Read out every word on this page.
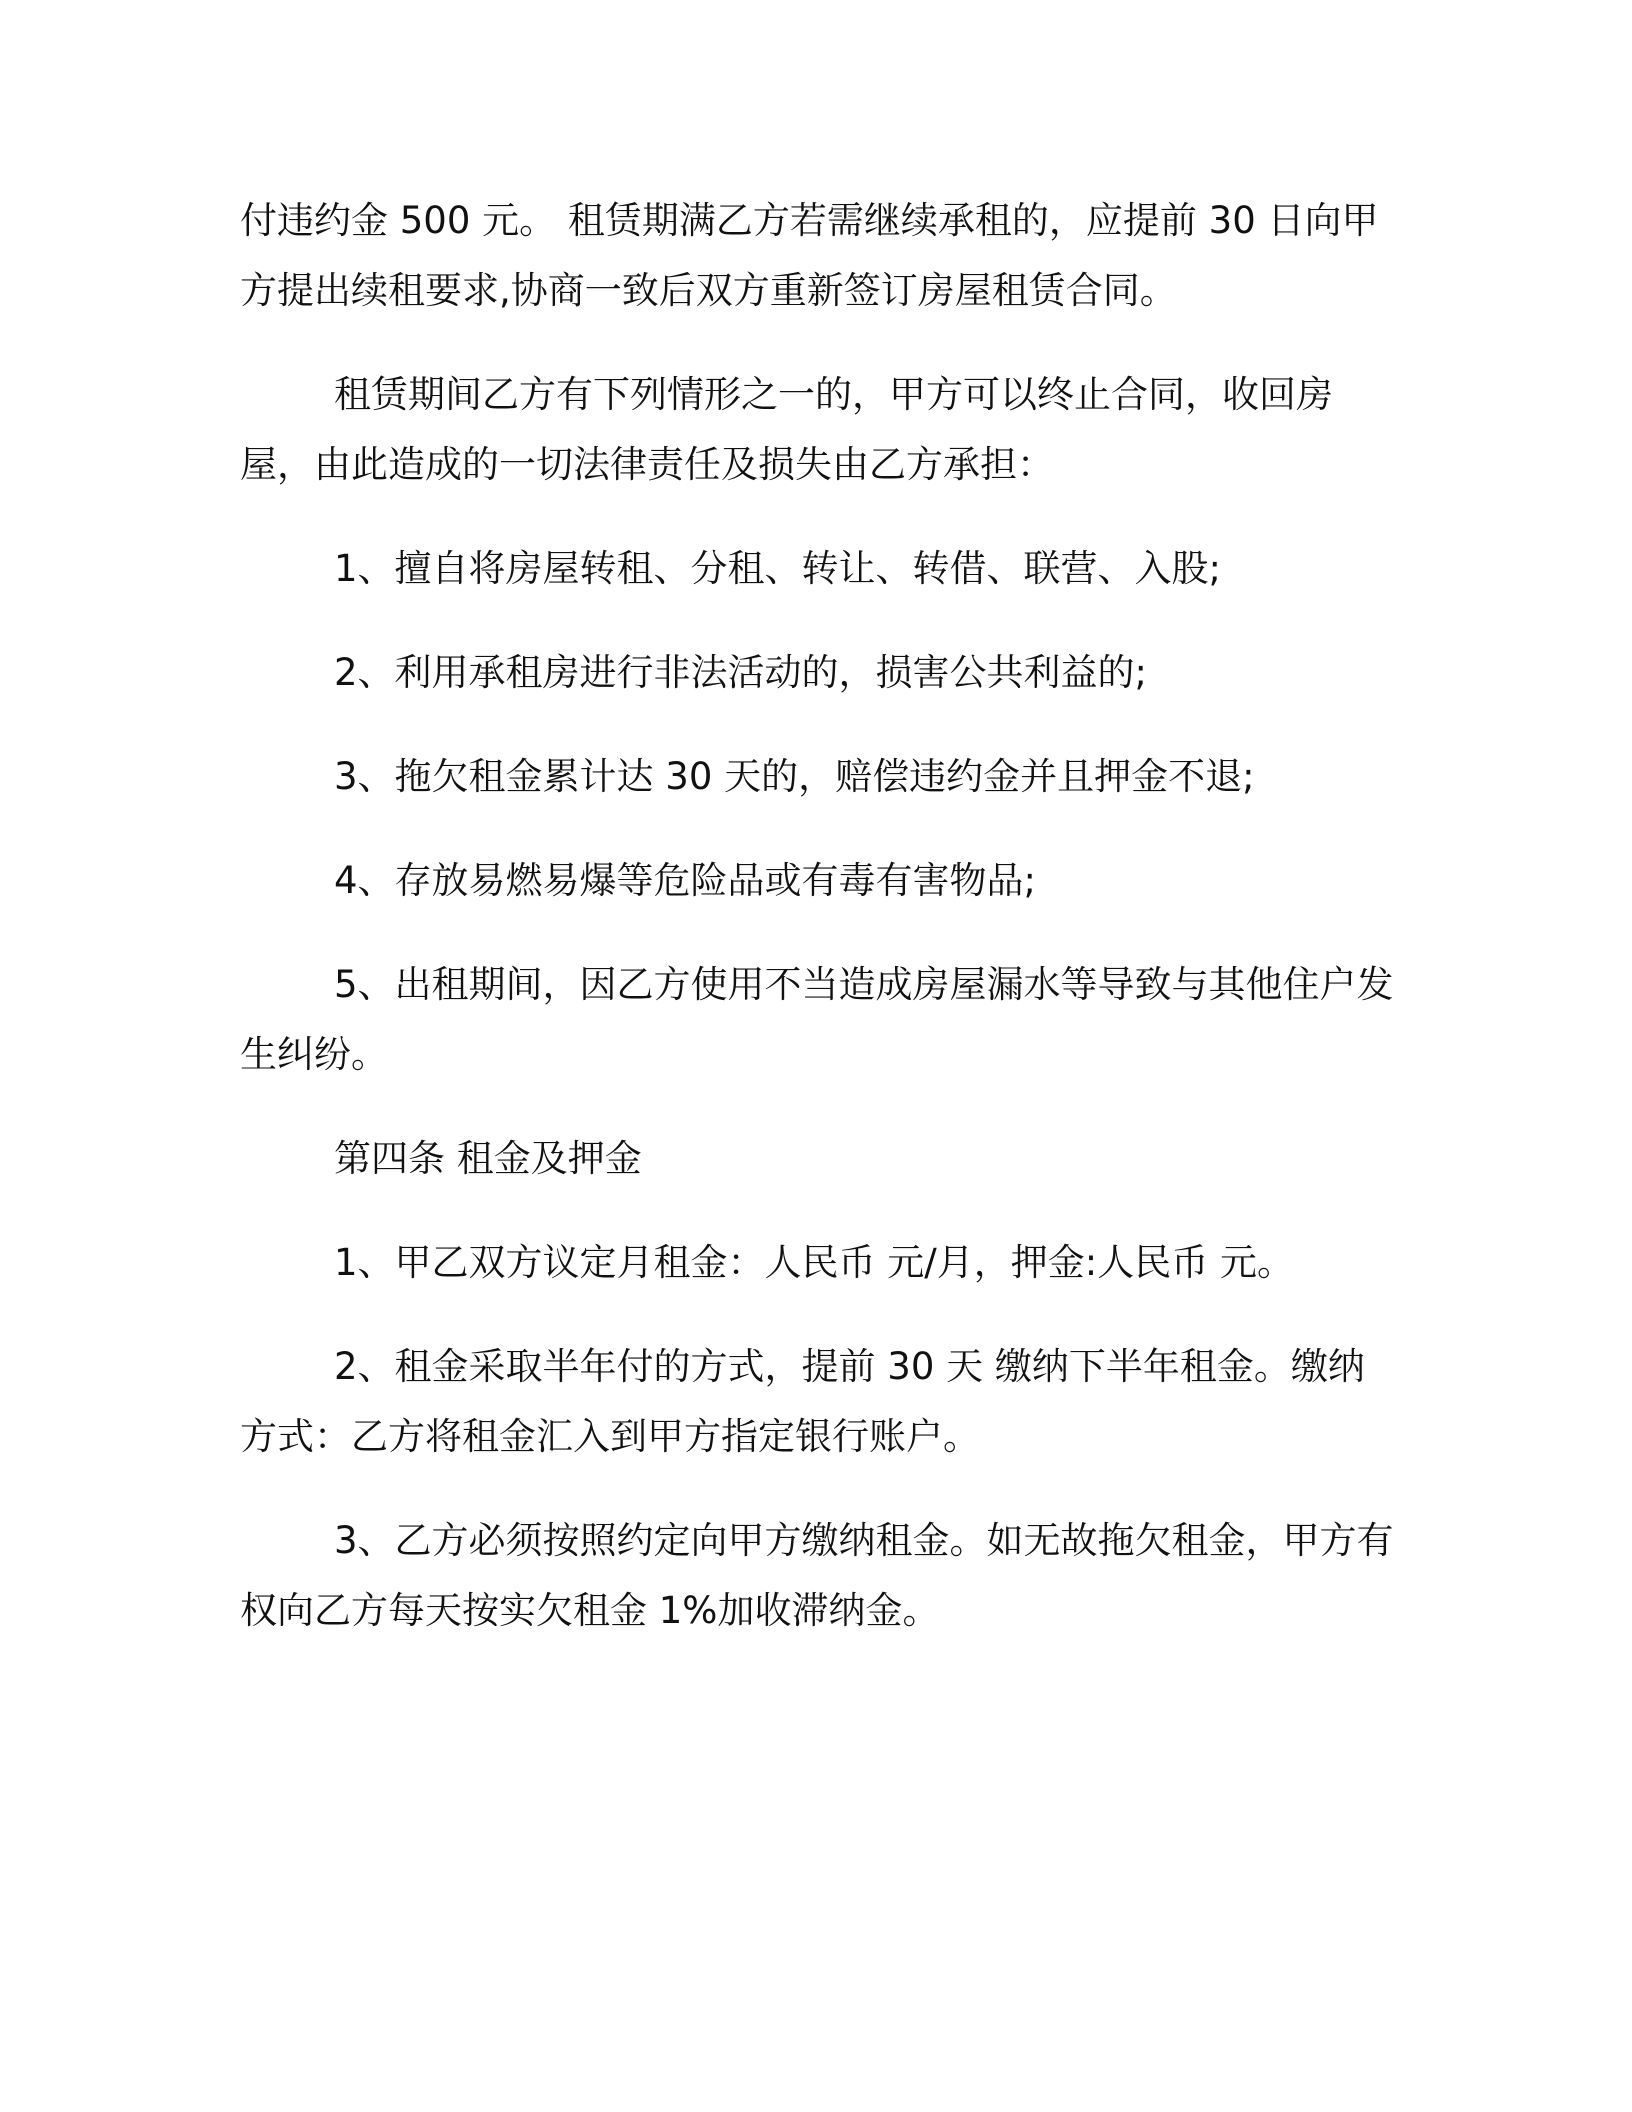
付违约金 500 元。 租赁期满乙方若需继续承租的，应提前 30 日向甲方提出续租要求,协商一致后双方重新签订房屋租赁合同。

租赁期间乙方有下列情形之一的，甲方可以终止合同，收回房屋，由此造成的一切法律责任及损失由乙方承担：

1、擅自将房屋转租、分租、转让、转借、联营、入股;

2、利用承租房进行非法活动的，损害公共利益的;

3、拖欠租金累计达 30 天的，赔偿违约金并且押金不退;

4、存放易燃易爆等危险品或有毒有害物品;

5、出租期间，因乙方使用不当造成房屋漏水等导致与其他住户发生纠纷。

第四条 租金及押金

1、甲乙双方议定月租金：人民币 元/月，押金:人民币 元。

2、租金采取半年付的方式，提前 30 天 缴纳下半年租金。缴纳方式：乙方将租金汇入到甲方指定银行账户。

3、乙方必须按照约定向甲方缴纳租金。如无故拖欠租金，甲方有权向乙方每天按实欠租金 1%加收滞纳金。
